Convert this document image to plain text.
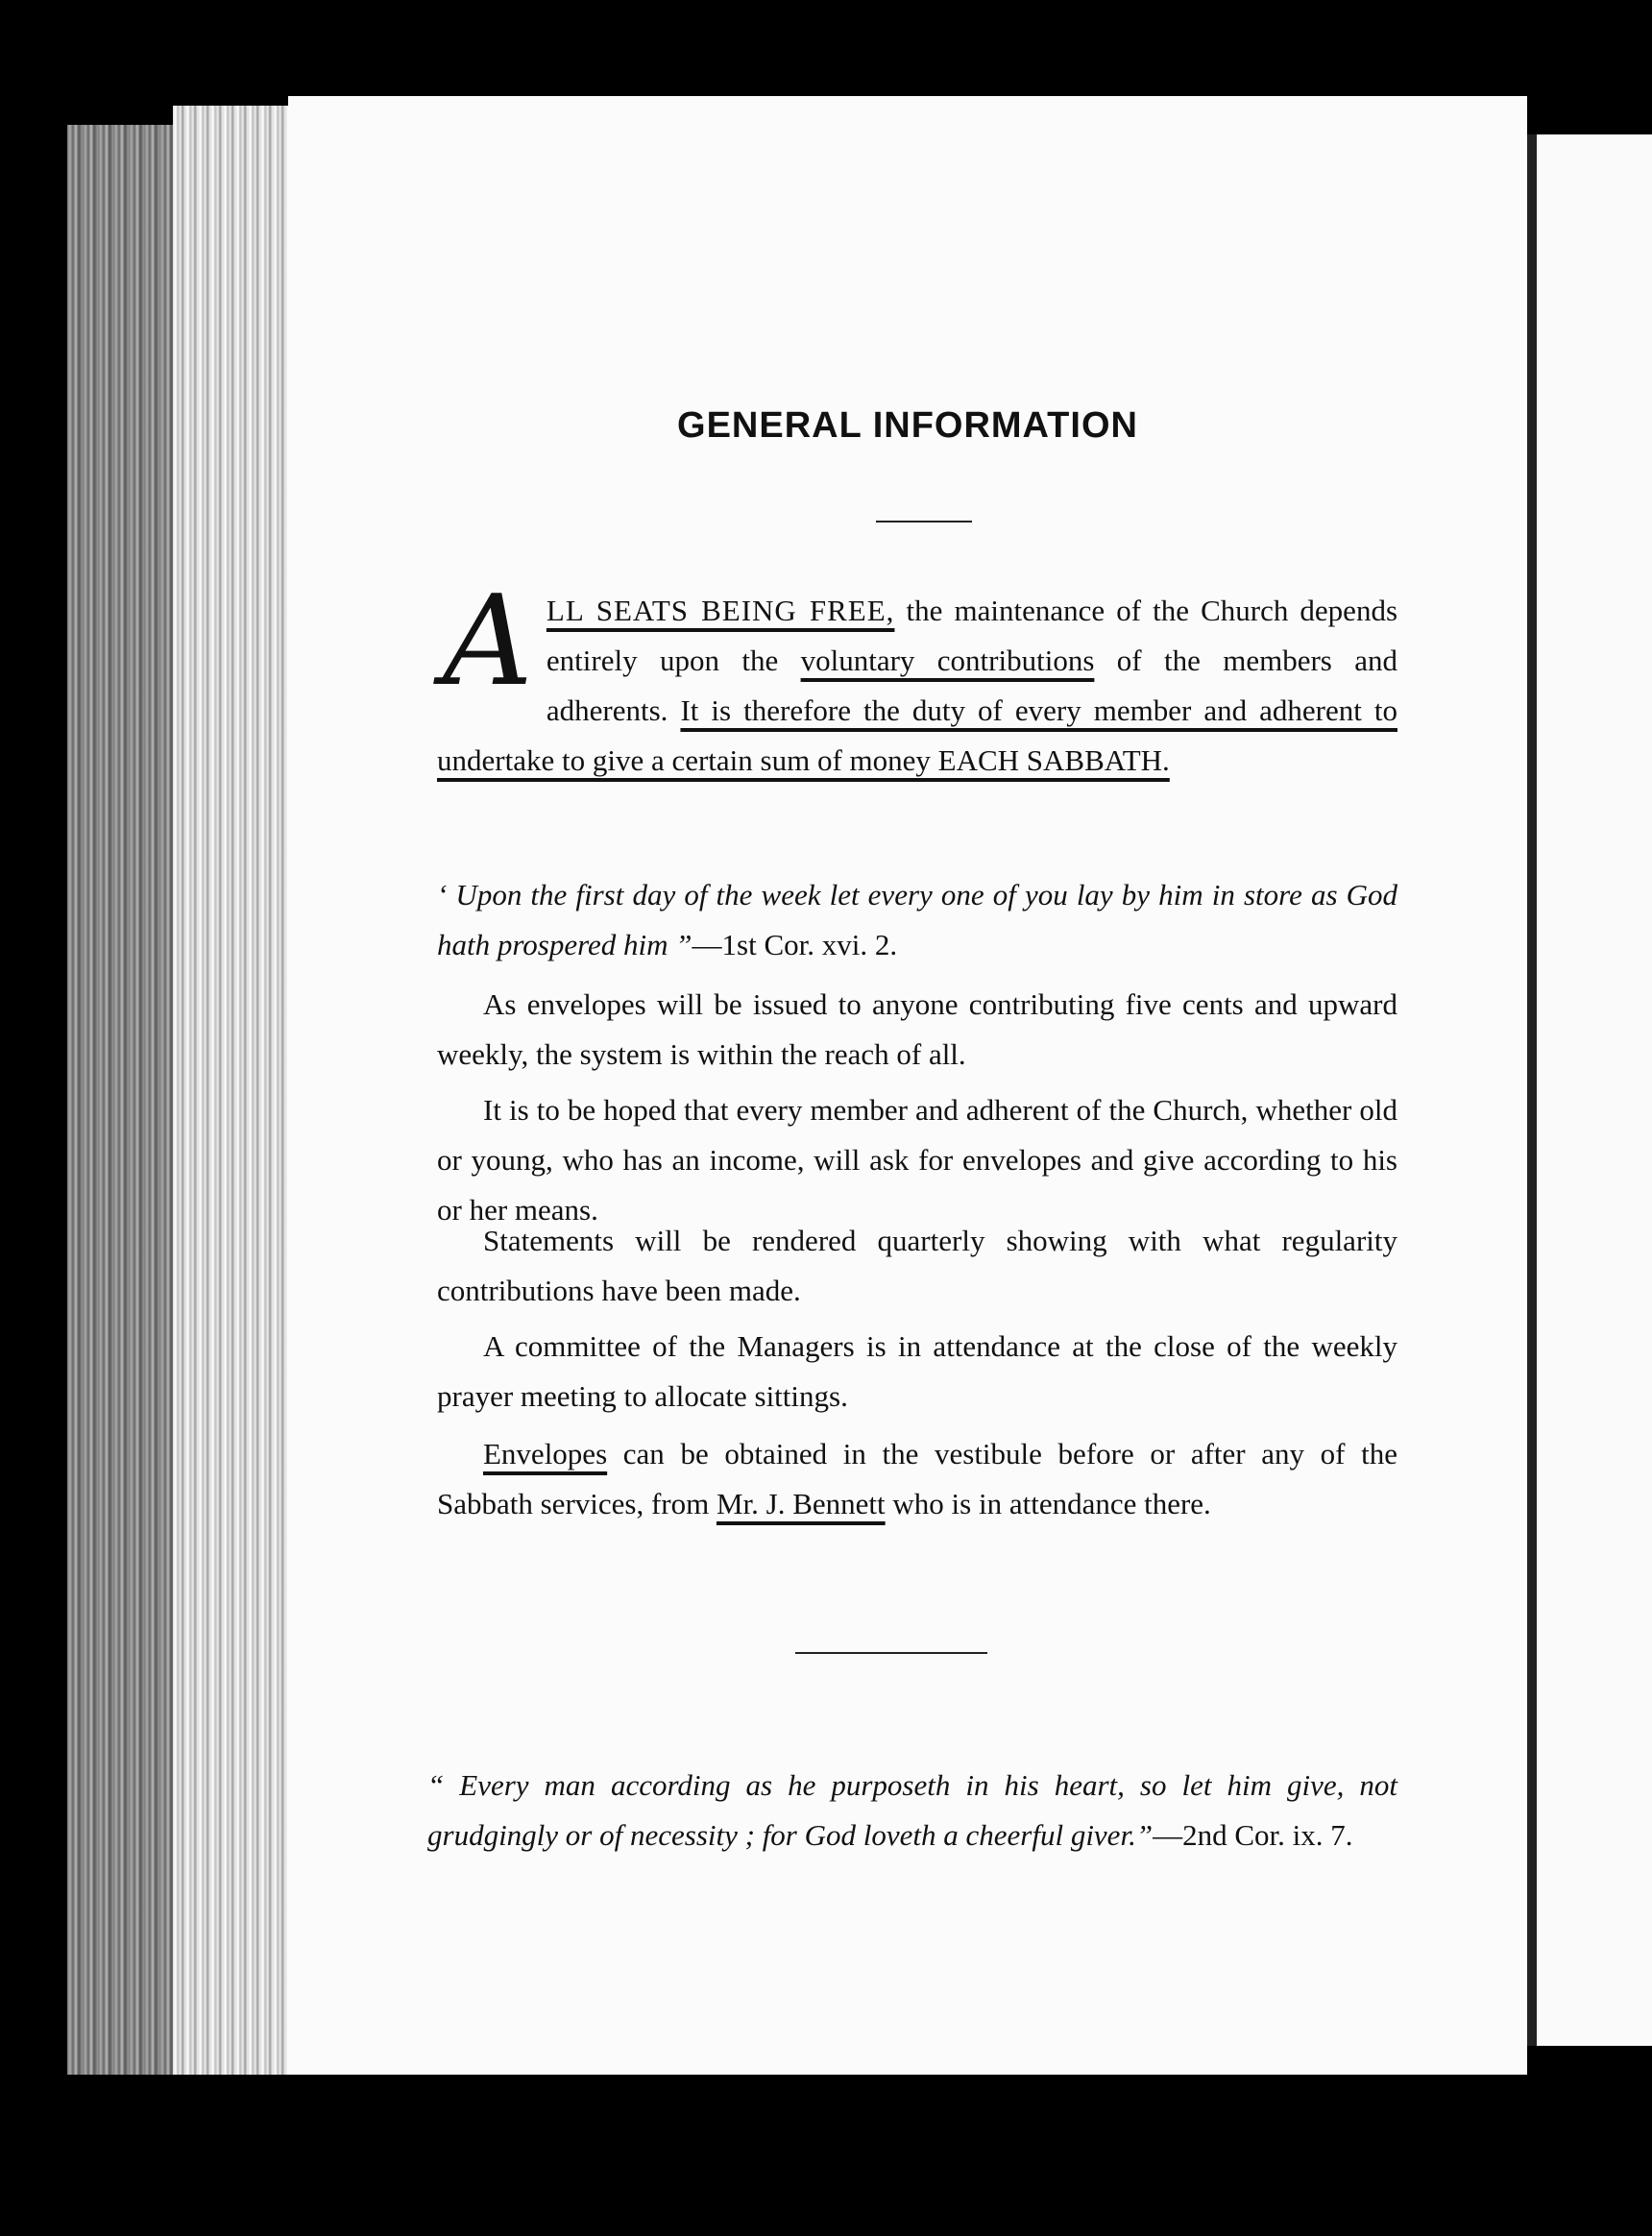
GENERAL INFORMATION
ALL SEATS BEING FREE, the maintenance of the Church depends entirely upon the voluntary contributions of the members and adherents. It is therefore the duty of every member and adherent to undertake to give a certain sum of money EACH SABBATH.
‘ Upon the first day of the week let every one of you lay by him in store as God hath prospered him ”—1st Cor. xvi. 2.
As envelopes will be issued to anyone contributing five cents and upward weekly, the system is within the reach of all.
It is to be hoped that every member and adherent of the Church, whether old or young, who has an income, will ask for envelopes and give according to his or her means.
Statements will be rendered quarterly showing with what regularity contributions have been made.
A committee of the Managers is in attendance at the close of the weekly prayer meeting to allocate sittings.
Envelopes can be obtained in the vestibule before or after any of the Sabbath services, from Mr. J. Bennett who is in attendance there.
“ Every man according as he purposeth in his heart, so let him give, not grudgingly or of necessity ; for God loveth a cheerful giver.”—2nd Cor. ix. 7.
